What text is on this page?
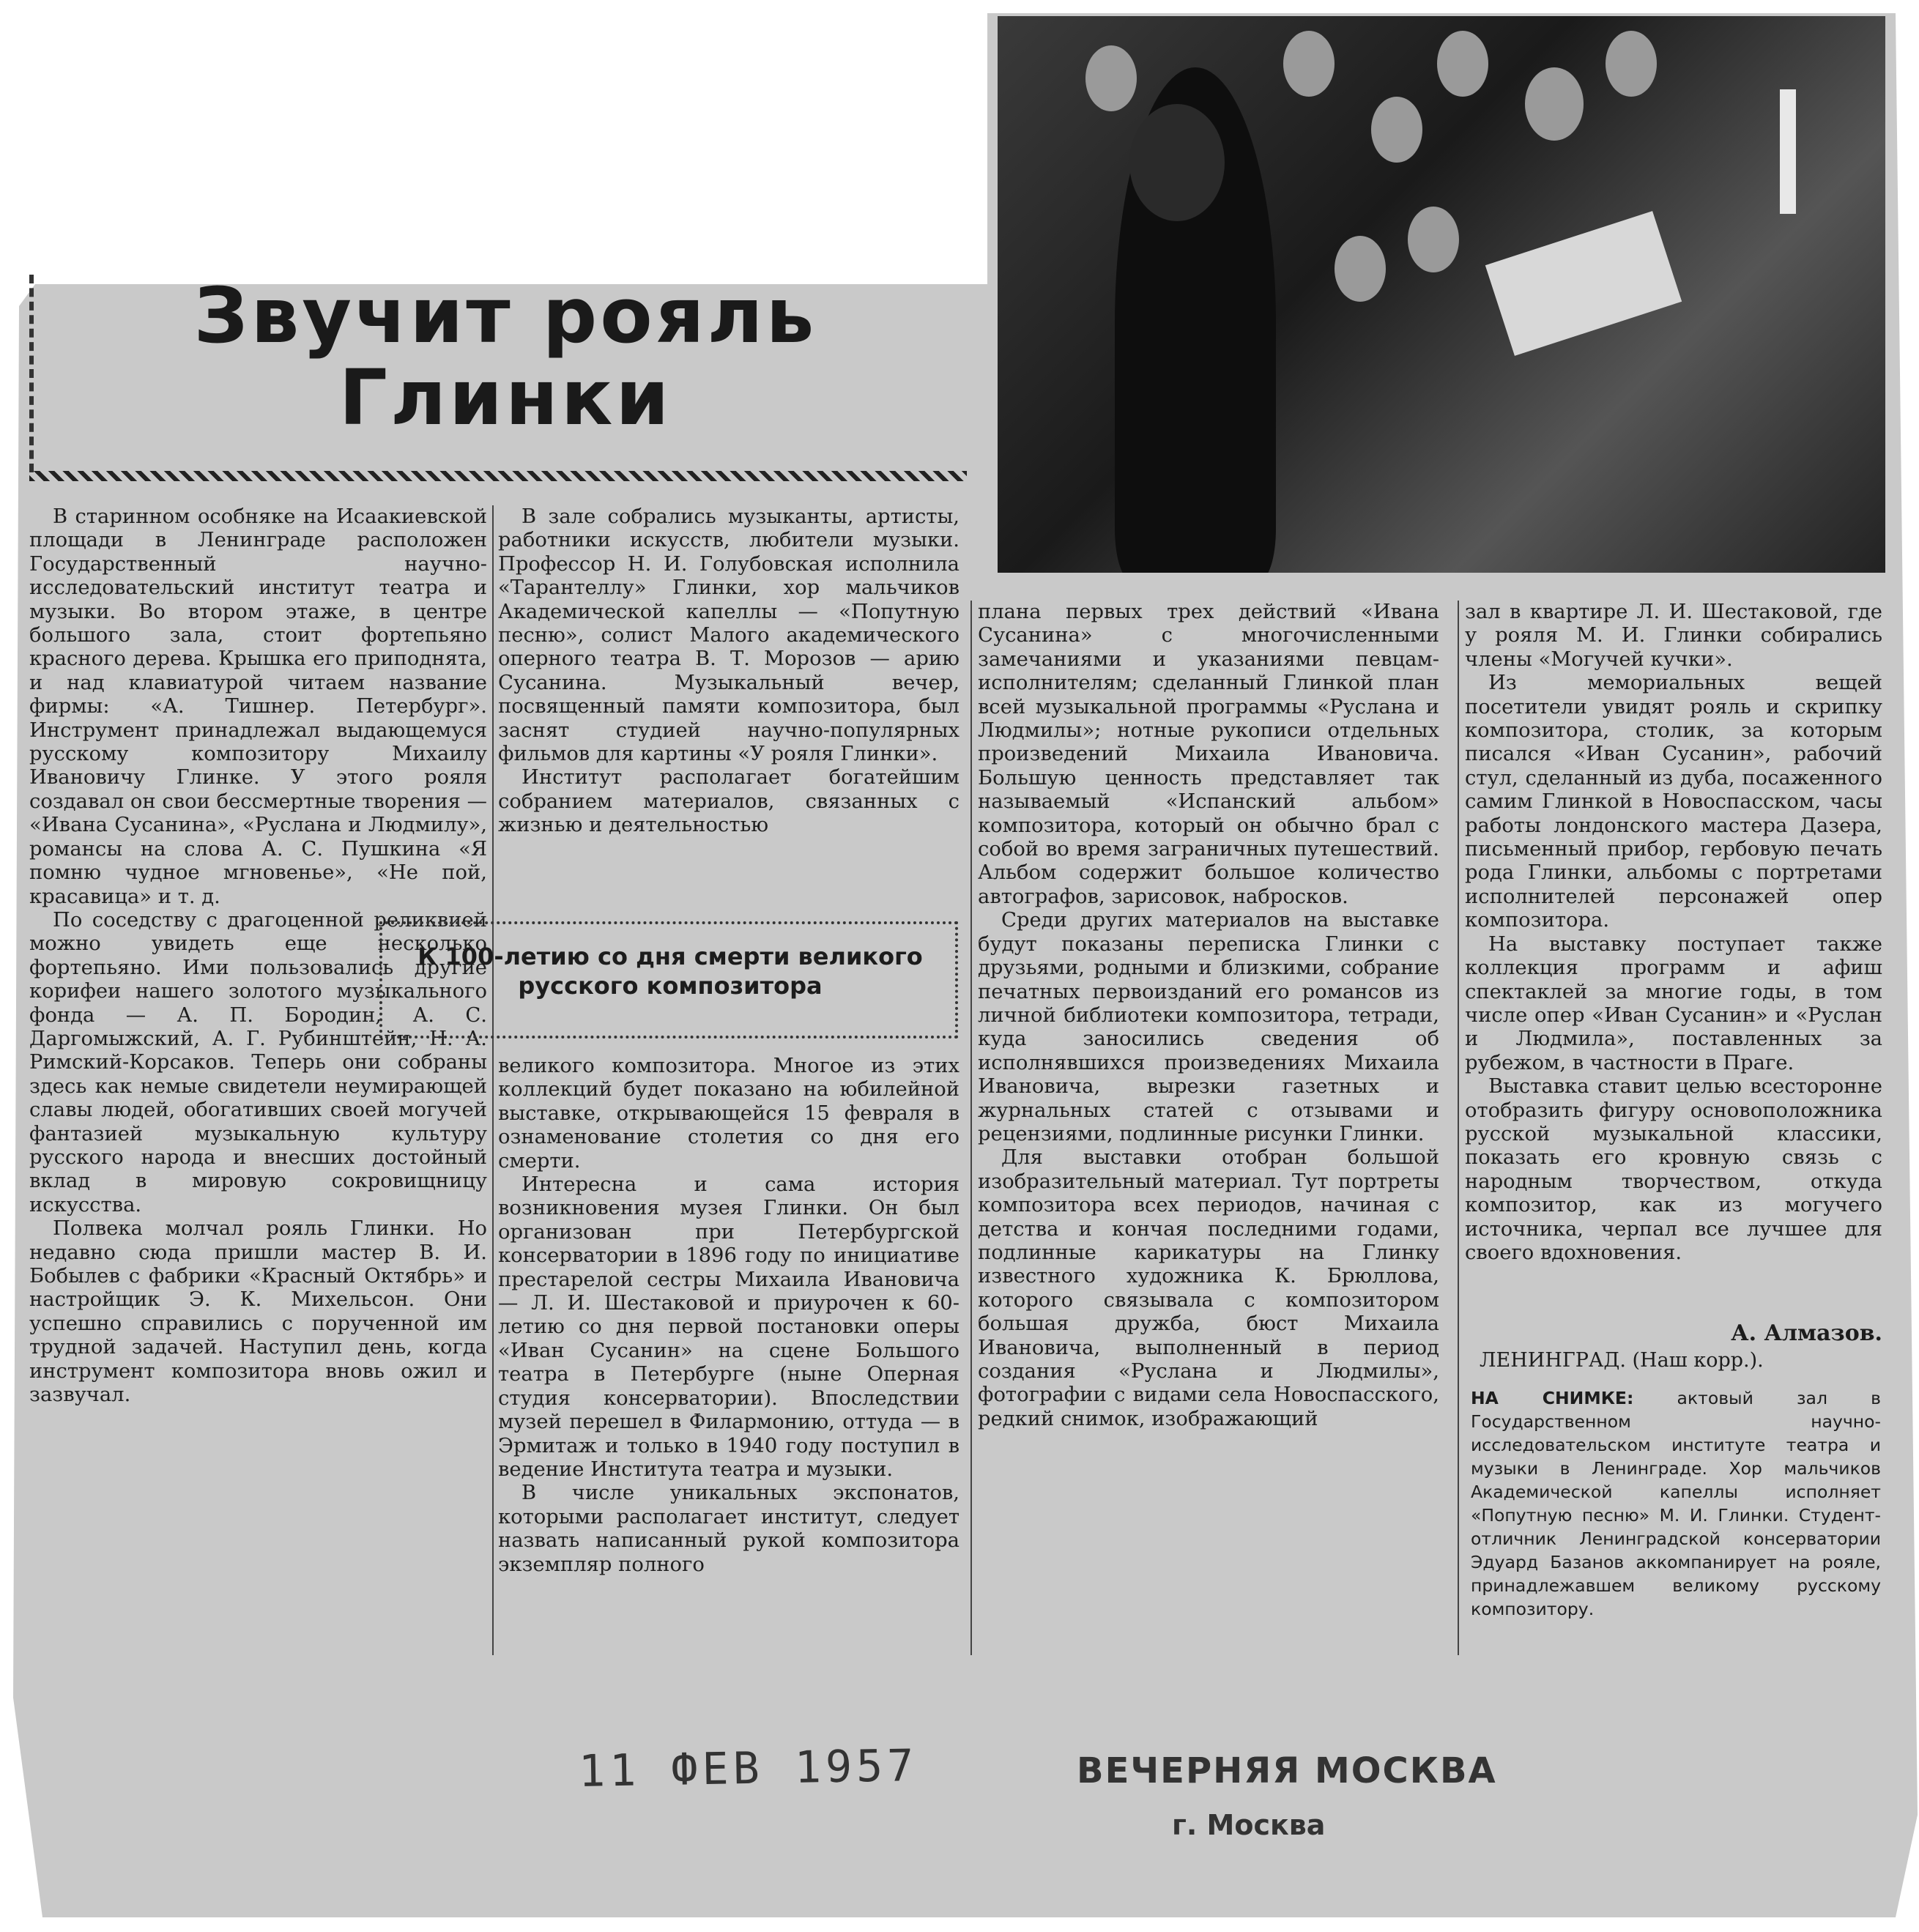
Звучит рояль Глинки

В старинном особняке на Исаакиевской площади в Ленинграде расположен Государственный научно-исследовательский институт театра и музыки. Во втором этаже, в центре большого зала, стоит фортепьяно красного дерева. Крышка его приподнята, и над клавиатурой читаем название фирмы: «А. Тишнер. Петербург». Инструмент принадлежал выдающемуся русскому композитору Михаилу Ивановичу Глинке. У этого рояля создавал он свои бессмертные творения — «Ивана Сусанина», «Руслана и Людмилу», романсы на слова А. С. Пушкина «Я помню чудное мгновенье», «Не пой, красавица» и т. д.

По соседству с драгоценной реликвией можно увидеть еще несколько фортепьяно. Ими пользовались другие корифеи нашего золотого музыкального фонда — А. П. Бородин, А. С. Даргомыжский, А. Г. Рубинштейн, Н. А. Римский-Корсаков. Теперь они собраны здесь как немые свидетели неумирающей славы людей, обогативших своей могучей фантазией музыкальную культуру русского народа и внесших достойный вклад в мировую сокровищницу искусства.

Полвека молчал рояль Глинки. Но недавно сюда пришли мастер В. И. Бобылев с фабрики «Красный Октябрь» и настройщик Э. К. Михельсон. Они успешно справились с порученной им трудной задачей. Наступил день, когда инструмент композитора вновь ожил и зазвучал.

В зале собрались музыканты, артисты, работники искусств, любители музыки. Профессор Н. И. Голубовская исполнила «Тарантеллу» Глинки, хор мальчиков Академической капеллы — «Попутную песню», солист Малого академического оперного театра В. Т. Морозов — арию Сусанина. Музыкальный вечер, посвященный памяти композитора, был заснят студией научно-популярных фильмов для картины «У рояля Глинки».

Институт располагает богатейшим собранием материалов, связанных с жизнью и деятельностью

К 100-летию со дня смерти великого русского композитора

великого композитора. Многое из этих коллекций будет показано на юбилейной выставке, открывающейся 15 февраля в ознаменование столетия со дня его смерти.

Интересна и сама история возникновения музея Глинки. Он был организован при Петербургской консерватории в 1896 году по инициативе престарелой сестры Михаила Ивановича — Л. И. Шестаковой и приурочен к 60-летию со дня первой постановки оперы «Иван Сусанин» на сцене Большого театра в Петербурге (ныне Оперная студия консерватории). Впоследствии музей перешел в Филармонию, оттуда — в Эрмитаж и только в 1940 году поступил в ведение Института театра и музыки.

В числе уникальных экспонатов, которыми располагает институт, следует назвать написанный рукой композитора экземпляр полного

плана первых трех действий «Ивана Сусанина» с многочисленными замечаниями и указаниями певцам-исполнителям; сделанный Глинкой план всей музыкальной программы «Руслана и Людмилы»; нотные рукописи отдельных произведений Михаила Ивановича. Большую ценность представляет так называемый «Испанский альбом» композитора, который он обычно брал с собой во время заграничных путешествий. Альбом содержит большое количество автографов, зарисовок, набросков.

Среди других материалов на выставке будут показаны переписка Глинки с друзьями, родными и близкими, собрание печатных первоизданий его романсов из личной библиотеки композитора, тетради, куда заносились сведения об исполнявшихся произведениях Михаила Ивановича, вырезки газетных и журнальных статей с отзывами и рецензиями, подлинные рисунки Глинки.

Для выставки отобран большой изобразительный материал. Тут портреты композитора всех периодов, начиная с детства и кончая последними годами, подлинные карикатуры на Глинку известного художника К. Брюллова, которого связывала с композитором большая дружба, бюст Михаила Ивановича, выполненный в период создания «Руслана и Людмилы», фотографии с видами села Новоспасского, редкий снимок, изображающий

зал в квартире Л. И. Шестаковой, где у рояля М. И. Глинки собирались члены «Могучей кучки».

Из мемориальных вещей посетители увидят рояль и скрипку композитора, столик, за которым писался «Иван Сусанин», рабочий стул, сделанный из дуба, посаженного самим Глинкой в Новоспасском, часы работы лондонского мастера Дазера, письменный прибор, гербовую печать рода Глинки, альбомы с портретами исполнителей персонажей опер композитора.

На выставку поступает также коллекция программ и афиш спектаклей за многие годы, в том числе опер «Иван Сусанин» и «Руслан и Людмила», поставленных за рубежом, в частности в Праге.

Выставка ставит целью всесторонне отобразить фигуру основоположника русской музыкальной классики, показать его кровную связь с народным творчеством, откуда композитор, как из могучего источника, черпал все лучшее для своего вдохновения.

А. Алмазов.
ЛЕНИНГРАД. (Наш корр.).
НА СНИМКЕ:	актовый зал в Государственном научно-исследовательском институте театра и музыки в Ленинграде. Хор мальчиков Академической капеллы исполняет «Попутную песню» М. И. Глинки. Студент-отличник Ленинградской консерватории Эдуард Базанов аккомпанирует на рояле, принадлежавшем великому русскому композитору.
11 ФЕВ 1957	ВЕЧЕРНЯЯ МОСКВА
г. Москва
